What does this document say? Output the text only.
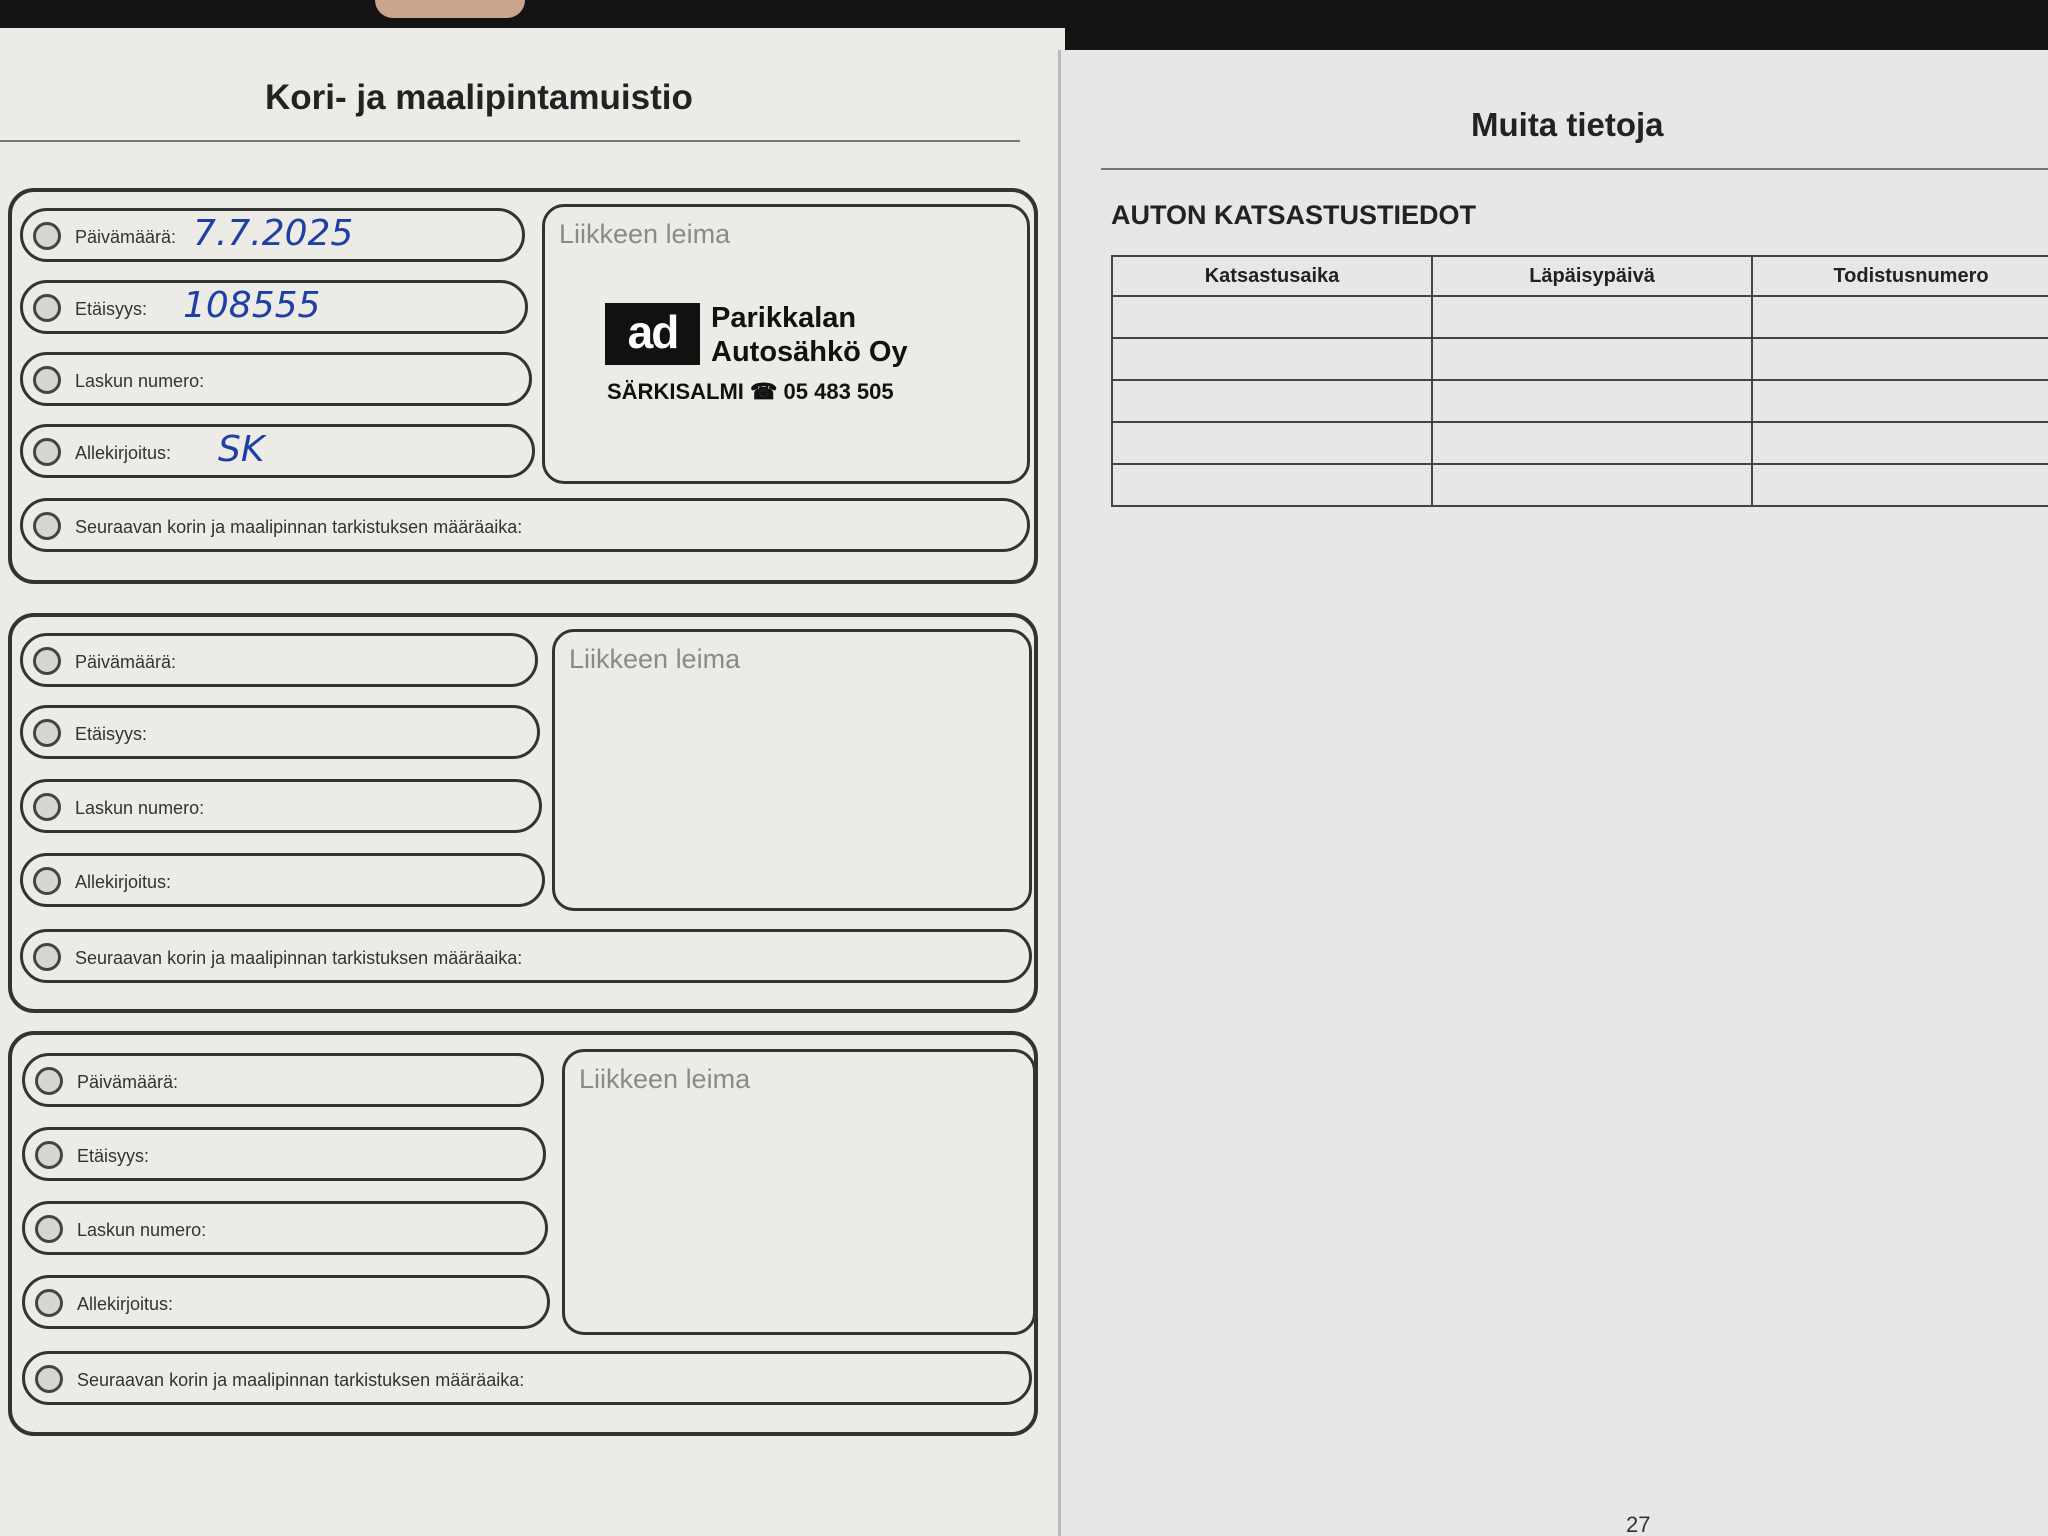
Kori- ja maalipintamuistio
Päivämäärä: 7.7.2025
Etäisyys: 108555
Laskun numero:
Allekirjoitus: SK
Seuraavan korin ja maalipinnan tarkistuksen määräaika:
Liikkeen leima
ad	Parikkalan
Autosähkö Oy
SÄRKISALMI ☎ 05 483 505
Päivämäärä:
Etäisyys:
Laskun numero:
Allekirjoitus:
Seuraavan korin ja maalipinnan tarkistuksen määräaika:
Liikkeen leima
Päivämäärä:
Etäisyys:
Laskun numero:
Allekirjoitus:
Seuraavan korin ja maalipinnan tarkistuksen määräaika:
Liikkeen leima
Muita tietoja
AUTON KATSASTUSTIEDOT
Katsastusaika	Läpäisypäivä	Todistusnumero

27
